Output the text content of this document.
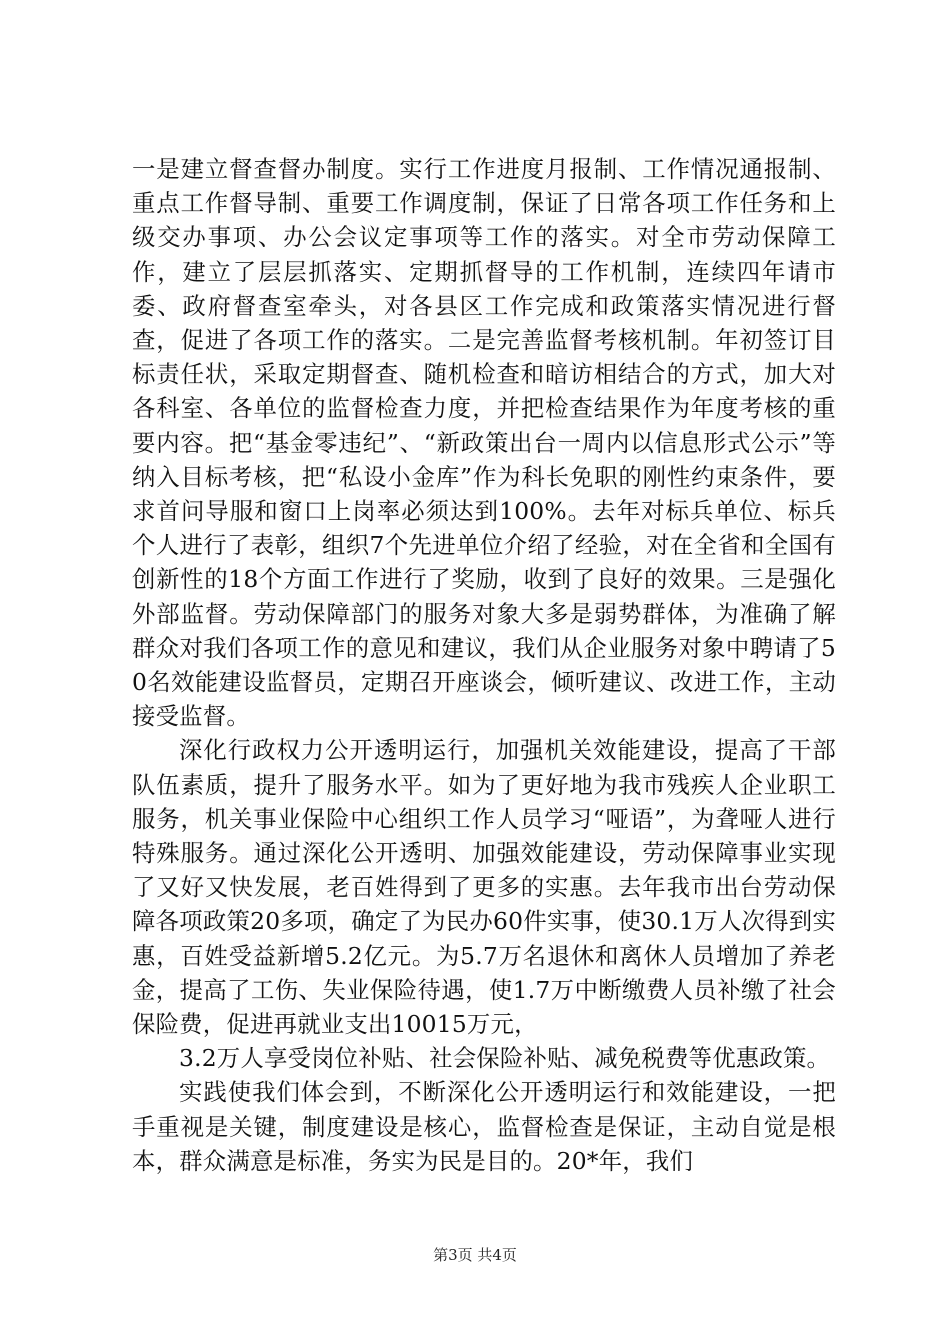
一是建立督查督办制度。实行工作进度月报制、工作情况通报制、重点工作督导制、重要工作调度制，保证了日常各项工作任务和上级交办事项、办公会议定事项等工作的落实。对全市劳动保障工作，建立了层层抓落实、定期抓督导的工作机制，连续四年请市委、政府督查室牵头，对各县区工作完成和政策落实情况进行督查，促进了各项工作的落实。二是完善监督考核机制。年初签订目标责任状，采取定期督查、随机检查和暗访相结合的方式，加大对各科室、各单位的监督检查力度，并把检查结果作为年度考核的重要内容。把“基金零违纪”、“新政策出台一周内以信息形式公示”等纳入目标考核，把“私设小金库”作为科长免职的刚性约束条件，要求首问导服和窗口上岗率必须达到100%。去年对标兵单位、标兵个人进行了表彰，组织7个先进单位介绍了经验，对在全省和全国有创新性的18个方面工作进行了奖励，收到了良好的效果。三是强化外部监督。劳动保障部门的服务对象大多是弱势群体，为准确了解群众对我们各项工作的意见和建议，我们从企业服务对象中聘请了50名效能建设监督员，定期召开座谈会，倾听建议、改进工作，主动接受监督。

深化行政权力公开透明运行，加强机关效能建设，提高了干部队伍素质，提升了服务水平。如为了更好地为我市残疾人企业职工服务，机关事业保险中心组织工作人员学习“哑语”，为聋哑人进行特殊服务。通过深化公开透明、加强效能建设，劳动保障事业实现了又好又快发展，老百姓得到了更多的实惠。去年我市出台劳动保障各项政策20多项，确定了为民办60件实事，使30.1万人次得到实惠，百姓受益新增5.2亿元。为5.7万名退休和离休人员增加了养老金，提高了工伤、失业保险待遇，使1.7万中断缴费人员补缴了社会保险费，促进再就业支出10015万元，

3.2万人享受岗位补贴、社会保险补贴、减免税费等优惠政策。

实践使我们体会到，不断深化公开透明运行和效能建设，一把手重视是关键，制度建设是核心，监督检查是保证，主动自觉是根本，群众满意是标准，务实为民是目的。20*年，我们

第3页 共4页
